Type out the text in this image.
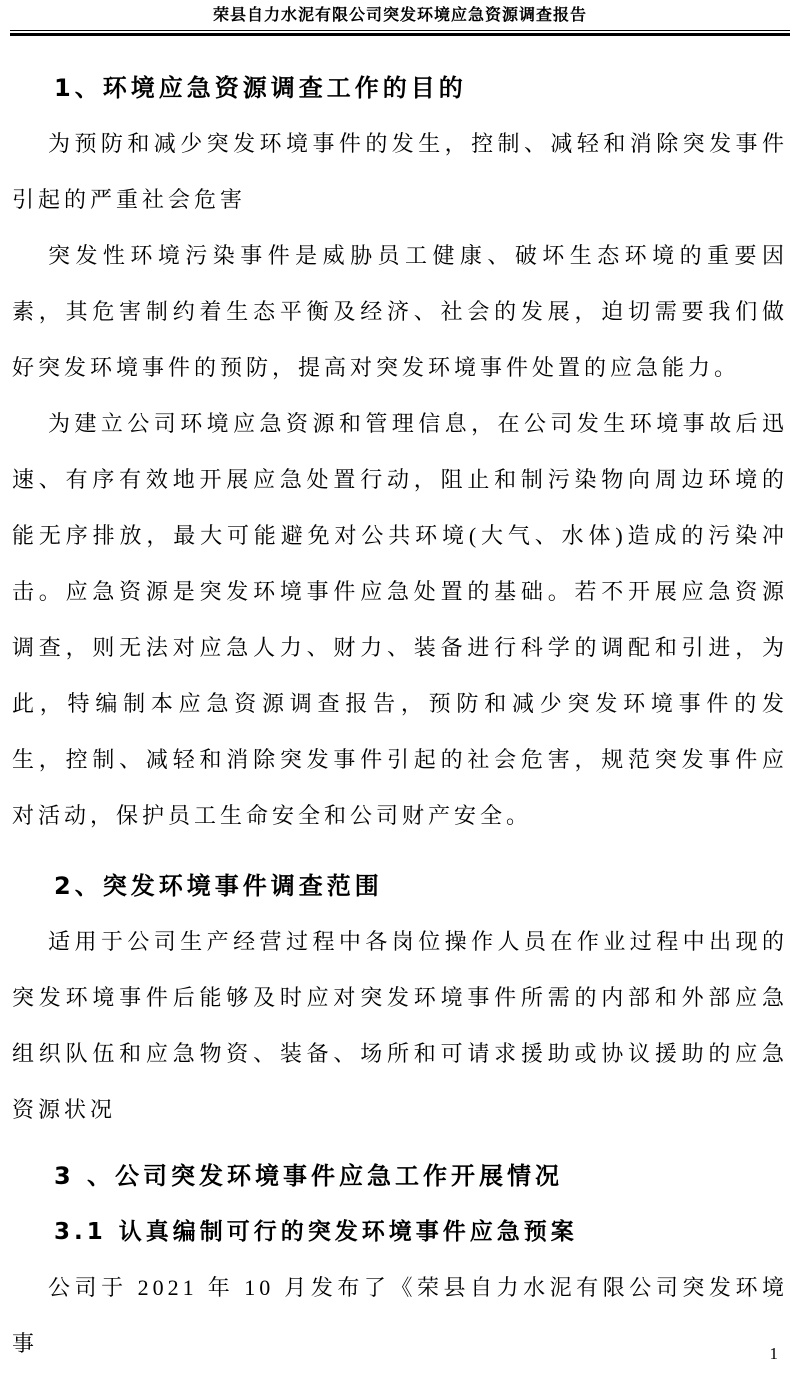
荣县自力水泥有限公司突发环境应急资源调查报告
1、环境应急资源调查工作的目的

为预防和减少突发环境事件的发生，控制、减轻和消除突发事件引起的严重社会危害

突发性环境污染事件是威胁员工健康、破坏生态环境的重要因素，其危害制约着生态平衡及经济、社会的发展，迫切需要我们做好突发环境事件的预防，提高对突发环境事件处置的应急能力。

为建立公司环境应急资源和管理信息，在公司发生环境事故后迅速、有序有效地开展应急处置行动，阻止和制污染物向周边环境的能无序排放，最大可能避免对公共环境(大气、水体)造成的污染冲击。应急资源是突发环境事件应急处置的基础。若不开展应急资源调查，则无法对应急人力、财力、装备进行科学的调配和引进，为此，特编制本应急资源调查报告，预防和减少突发环境事件的发生，控制、减轻和消除突发事件引起的社会危害，规范突发事件应对活动，保护员工生命安全和公司财产安全。

2、突发环境事件调查范围

适用于公司生产经营过程中各岗位操作人员在作业过程中出现的突发环境事件后能够及时应对突发环境事件所需的内部和外部应急组织队伍和应急物资、装备、场所和可请求援助或协议援助的应急资源状况

3 、公司突发环境事件应急工作开展情况
3.1 认真编制可行的突发环境事件应急预案

公司于 2021 年 10 月发布了《荣县自力水泥有限公司突发环境事	1
